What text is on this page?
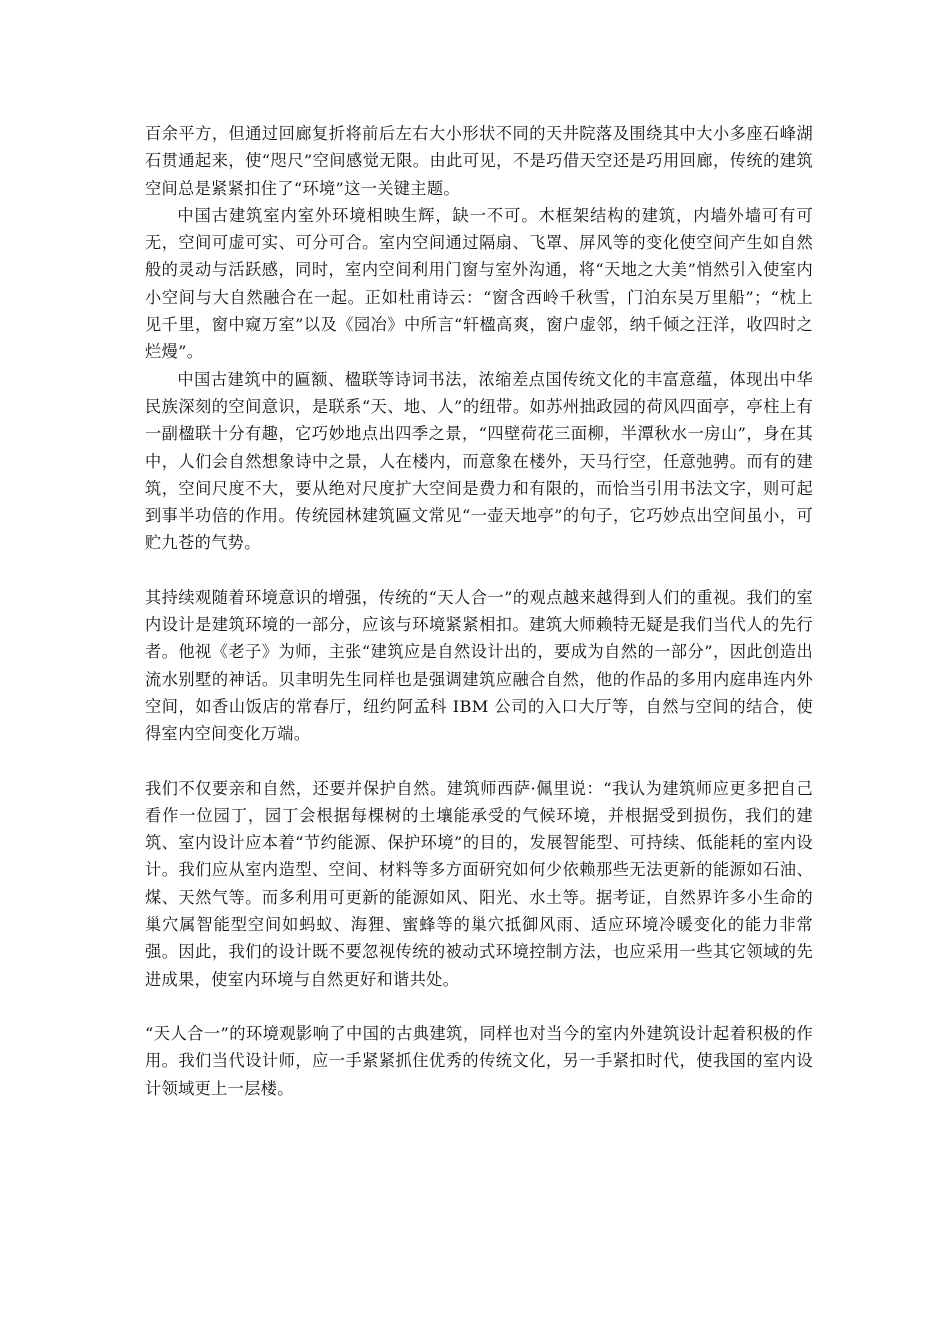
百余平方，但通过回廊复折将前后左右大小形状不同的天井院落及围绕其中大小多座石峰湖石贯通起来，使“咫尺”空间感觉无限。由此可见，不是巧借天空还是巧用回廊，传统的建筑空间总是紧紧扣住了“环境”这一关键主题。

中国古建筑室内室外环境相映生辉，缺一不可。木框架结构的建筑，内墙外墙可有可无，空间可虚可实、可分可合。室内空间通过隔扇、飞罩、屏风等的变化使空间产生如自然般的灵动与活跃感，同时，室内空间利用门窗与室外沟通，将“天地之大美”悄然引入使室内小空间与大自然融合在一起。正如杜甫诗云：“窗含西岭千秋雪，门泊东吴万里船”；“枕上见千里，窗中窥万室”以及《园冶》中所言“轩楹高爽，窗户虚邻，纳千倾之汪洋，收四时之烂熳”。

中国古建筑中的匾额、楹联等诗词书法，浓缩差点国传统文化的丰富意蕴，体现出中华民族深刻的空间意识，是联系“天、地、人”的纽带。如苏州拙政园的荷风四面亭，亭柱上有一副楹联十分有趣，它巧妙地点出四季之景，“四壁荷花三面柳，半潭秋水一房山”，身在其中，人们会自然想象诗中之景，人在楼内，而意象在楼外，天马行空，任意弛骋。而有的建筑，空间尺度不大，要从绝对尺度扩大空间是费力和有限的，而恰当引用书法文字，则可起到事半功倍的作用。传统园林建筑匾文常见“一壶天地亭”的句子，它巧妙点出空间虽小，可贮九苍的气势。

其持续观随着环境意识的增强，传统的“天人合一”的观点越来越得到人们的重视。我们的室内设计是建筑环境的一部分，应该与环境紧紧相扣。建筑大师赖特无疑是我们当代人的先行者。他视《老子》为师，主张“建筑应是自然设计出的，要成为自然的一部分”，因此创造出流水别墅的神话。贝聿明先生同样也是强调建筑应融合自然，他的作品的多用内庭串连内外空间，如香山饭店的常春厅，纽约阿孟科 IBM 公司的入口大厅等，自然与空间的结合，使得室内空间变化万端。

我们不仅要亲和自然，还要并保护自然。建筑师西萨·佩里说：“我认为建筑师应更多把自己看作一位园丁，园丁会根据每棵树的土壤能承受的气候环境，并根据受到损伤，我们的建筑、室内设计应本着“节约能源、保护环境”的目的，发展智能型、可持续、低能耗的室内设计。我们应从室内造型、空间、材料等多方面研究如何少依赖那些无法更新的能源如石油、煤、天然气等。而多利用可更新的能源如风、阳光、水土等。据考证，自然界许多小生命的巢穴属智能型空间如蚂蚁、海狸、蜜蜂等的巢穴抵御风雨、适应环境冷暖变化的能力非常强。因此，我们的设计既不要忽视传统的被动式环境控制方法，也应采用一些其它领域的先进成果，使室内环境与自然更好和谐共处。

“天人合一”的环境观影响了中国的古典建筑，同样也对当今的室内外建筑设计起着积极的作用。我们当代设计师，应一手紧紧抓住优秀的传统文化，另一手紧扣时代，使我国的室内设计领域更上一层楼。
